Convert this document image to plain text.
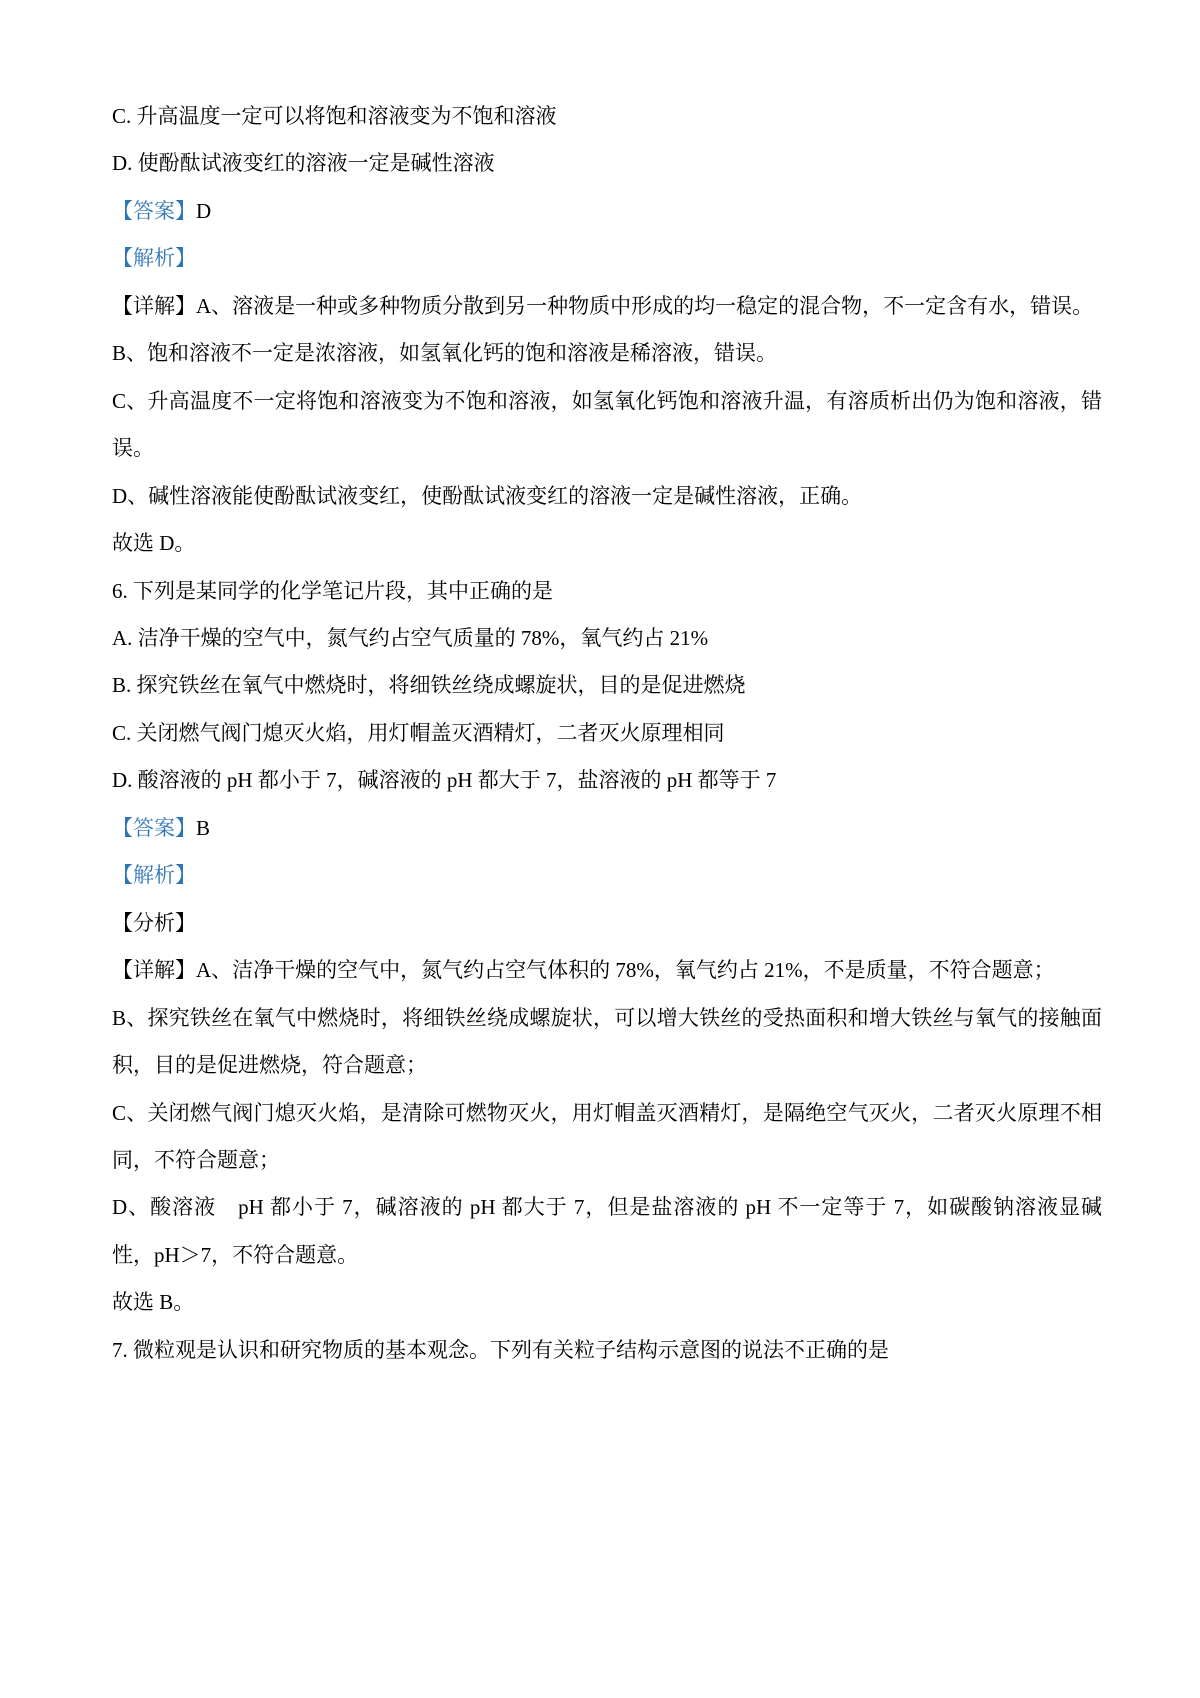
C. 升高温度一定可以将饱和溶液变为不饱和溶液
D. 使酚酞试液变红的溶液一定是碱性溶液
【答案】D
【解析】
【详解】A、溶液是一种或多种物质分散到另一种物质中形成的均一稳定的混合物，不一定含有水，错误。
B、饱和溶液不一定是浓溶液，如氢氧化钙的饱和溶液是稀溶液，错误。
C、升高温度不一定将饱和溶液变为不饱和溶液，如氢氧化钙饱和溶液升温，有溶质析出仍为饱和溶液，错
误。
D、碱性溶液能使酚酞试液变红，使酚酞试液变红的溶液一定是碱性溶液，正确。
故选 D。
6. 下列是某同学的化学笔记片段，其中正确的是
A. 洁净干燥的空气中，氮气约占空气质量的 78%，氧气约占 21%
B. 探究铁丝在氧气中燃烧时，将细铁丝绕成螺旋状，目的是促进燃烧
C. 关闭燃气阀门熄灭火焰，用灯帽盖灭酒精灯，二者灭火原理相同
D. 酸溶液的 pH 都小于 7，碱溶液的 pH 都大于 7，盐溶液的 pH 都等于 7
【答案】B
【解析】
【分析】
【详解】A、洁净干燥的空气中，氮气约占空气体积的 78%，氧气约占 21%，不是质量，不符合题意；
B、探究铁丝在氧气中燃烧时，将细铁丝绕成螺旋状，可以增大铁丝的受热面积和增大铁丝与氧气的接触面
积，目的是促进燃烧，符合题意；
C、关闭燃气阀门熄灭火焰，是清除可燃物灭火，用灯帽盖灭酒精灯，是隔绝空气灭火，二者灭火原理不相
同，不符合题意；
D、酸溶液　pH 都小于 7，碱溶液的 pH 都大于 7，但是盐溶液的 pH 不一定等于 7，如碳酸钠溶液显碱
性，pH＞7，不符合题意。
故选 B。
7. 微粒观是认识和研究物质的基本观念。下列有关粒子结构示意图的说法不正确的是
